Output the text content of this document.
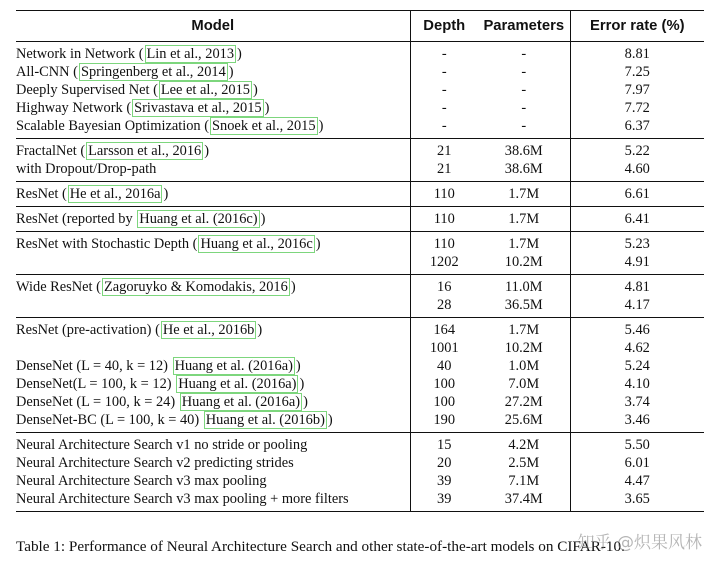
Model	Depth	Parameters	Error rate (%)
Network in Network ( Lin et al., 2013 )	-	-	8.81
All-CNN ( Springenberg et al., 2014 )	-	-	7.25
Deeply Supervised Net ( Lee et al., 2015 )	-	-	7.97
Highway Network ( Srivastava et al., 2015 )	-	-	7.72
Scalable Bayesian Optimization ( Snoek et al., 2015 )	-	-	6.37
FractalNet ( Larsson et al., 2016 )	21	38.6M	5.22
with Dropout/Drop-path	21	38.6M	4.60
ResNet ( He et al., 2016a )	110	1.7M	6.61
ResNet (reported by Huang et al. (2016c) )	110	1.7M	6.41
ResNet with Stochastic Depth ( Huang et al., 2016c )	110	1.7M	5.23
	1202	10.2M	4.91
Wide ResNet ( Zagoruyko & Komodakis, 2016 )	16	11.0M	4.81
	28	36.5M	4.17
ResNet (pre-activation) ( He et al., 2016b )	164	1.7M	5.46
	1001	10.2M	4.62
DenseNet (L = 40, k = 12) Huang et al. (2016a) )	40	1.0M	5.24
DenseNet(L = 100, k = 12) Huang et al. (2016a) )	100	7.0M	4.10
DenseNet (L = 100, k = 24) Huang et al. (2016a) )	100	27.2M	3.74
DenseNet-BC (L = 100, k = 40) Huang et al. (2016b) )	190	25.6M	3.46
Neural Architecture Search v1 no stride or pooling	15	4.2M	5.50
Neural Architecture Search v2 predicting strides	20	2.5M	6.01
Neural Architecture Search v3 max pooling	39	7.1M	4.47
Neural Architecture Search v3 max pooling + more filters	39	37.4M	3.65
Table 1: Performance of Neural Architecture Search and other state-of-the-art models on CIFAR-10.
知乎 @炽果风林
